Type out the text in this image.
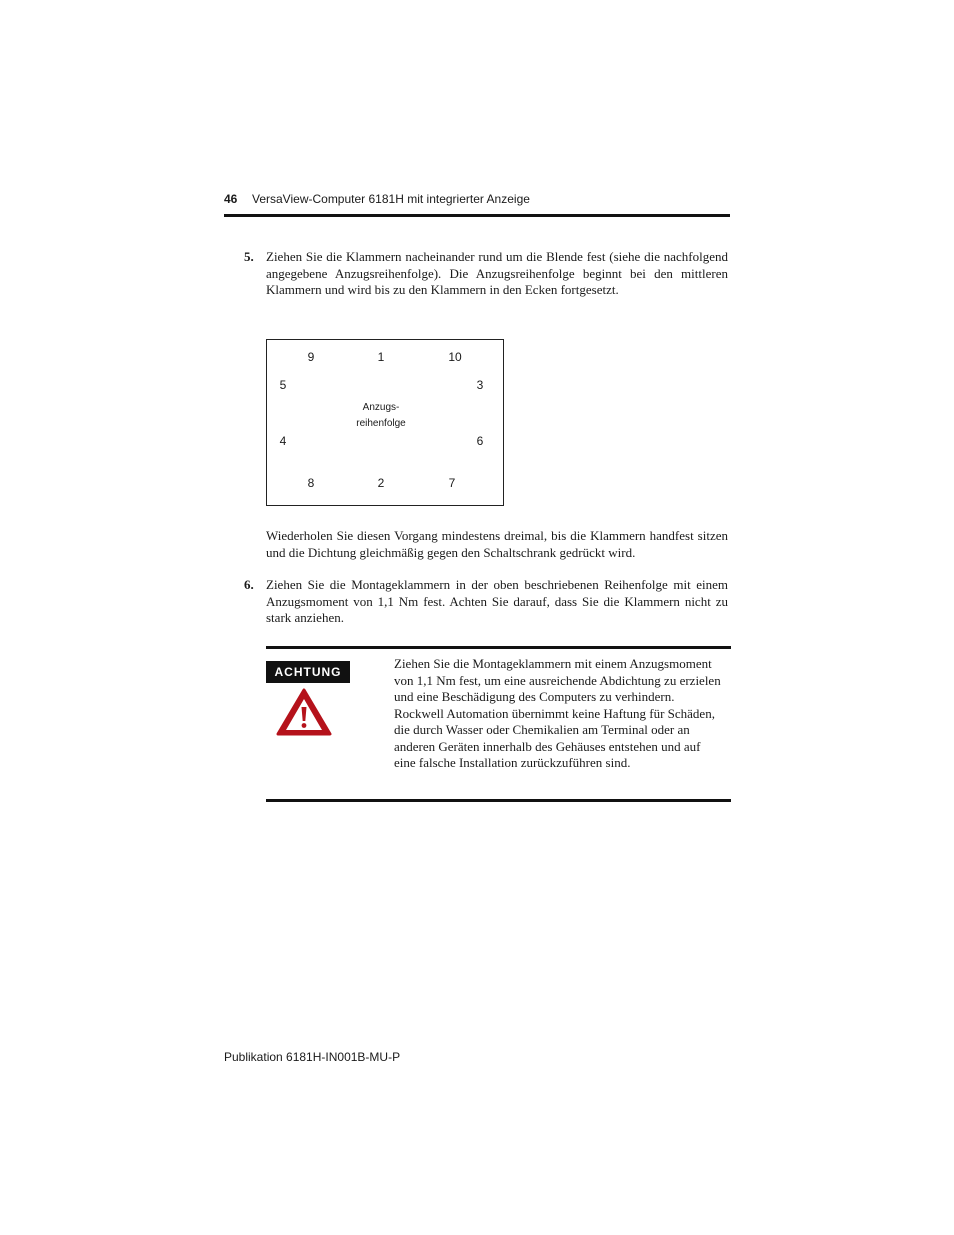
46 VersaView-Computer 6181H mit integrierter Anzeige
5. Ziehen Sie die Klammern nacheinander rund um die Blende fest (siehe die nachfolgend angegebene Anzugsreihenfolge). Die Anzugsreihenfolge beginnt bei den mittleren Klammern und wird bis zu den Klammern in den Ecken fortgesetzt.
9	1	10
5	3
Anzugs-
reihenfolge
4	6
8	2	7
Wiederholen Sie diesen Vorgang mindestens dreimal, bis die Klammern handfest sitzen und die Dichtung gleichmäßig gegen den Schaltschrank gedrückt wird.
6. Ziehen Sie die Montageklammern in der oben beschriebenen Reihenfolge mit einem Anzugsmoment von 1,1 Nm fest. Achten Sie darauf, dass Sie die Klammern nicht zu stark anziehen.
ACHTUNG
Ziehen Sie die Montageklammern mit einem Anzugsmoment von 1,1 Nm fest, um eine ausreichende Abdichtung zu erzielen und eine Beschädigung des Computers zu verhindern. Rockwell Automation übernimmt keine Haftung für Schäden, die durch Wasser oder Chemikalien am Terminal oder an anderen Geräten innerhalb des Gehäuses entstehen und auf eine falsche Installation zurückzuführen sind.
Publikation 6181H-IN001B-MU-P
